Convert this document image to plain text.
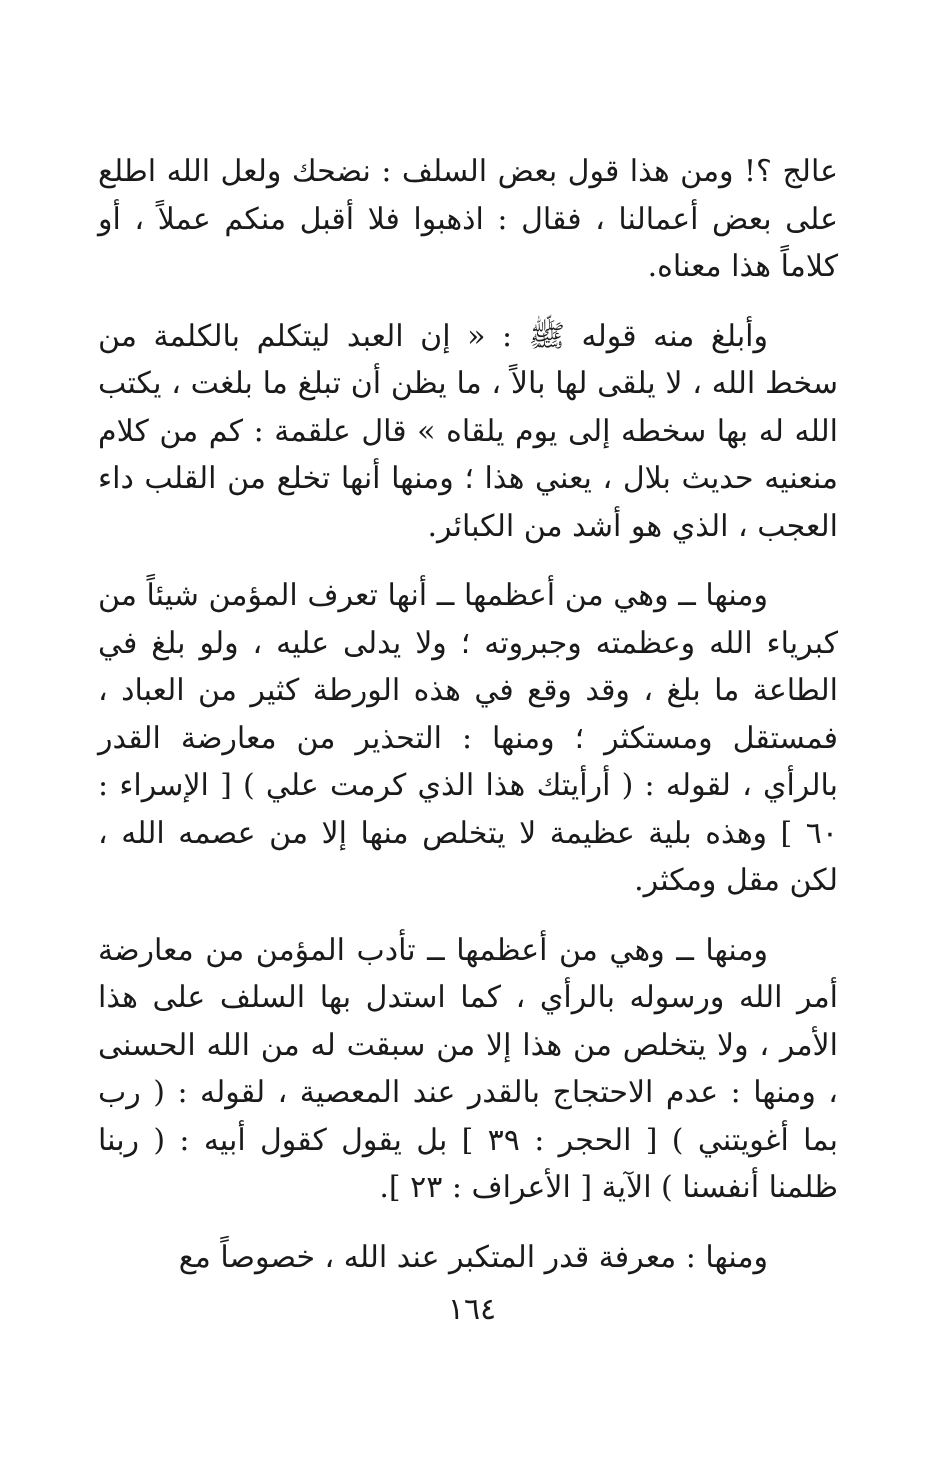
عالج ؟! ومن هذا قول بعض السلف : نضحك ولعل الله اطلع على بعض أعمالنا ، فقال : اذهبوا فلا أقبل منكم عملاً ، أو كلاماً هذا معناه.

وأبلغ منه قوله ﷺ : « إن العبد ليتكلم بالكلمة من سخط الله ، لا يلقى لها بالاً ، ما يظن أن تبلغ ما بلغت ، يكتب الله له بها سخطه إلى يوم يلقاه » قال علقمة : كم من كلام منعنيه حديث بلال ، يعني هذا ؛ ومنها أنها تخلع من القلب داء العجب ، الذي هو أشد من الكبائر.

ومنها ــ وهي من أعظمها ــ أنها تعرف المؤمن شيئاً من كبرياء الله وعظمته وجبروته ؛ ولا يدلى عليه ، ولو بلغ في الطاعة ما بلغ ، وقد وقع في هذه الورطة كثير من العباد ، فمستقل ومستكثر ؛ ومنها : التحذير من معارضة القدر بالرأي ، لقوله : ( أرأيتك هذا الذي كرمت علي ) [ الإسراء : ٦٠ ] وهذه بلية عظيمة لا يتخلص منها إلا من عصمه الله ، لكن مقل ومكثر.

ومنها ــ وهي من أعظمها ــ تأدب المؤمن من معارضة أمر الله ورسوله بالرأي ، كما استدل بها السلف على هذا الأمر ، ولا يتخلص من هذا إلا من سبقت له من الله الحسنى ، ومنها : عدم الاحتجاج بالقدر عند المعصية ، لقوله : ( رب بما أغويتني ) [ الحجر : ٣٩ ] بل يقول كقول أبيه : ( ربنا ظلمنا أنفسنا ) الآية [ الأعراف : ٢٣ ].

ومنها : معرفة قدر المتكبر عند الله ، خصوصاً مع

١٦٤
